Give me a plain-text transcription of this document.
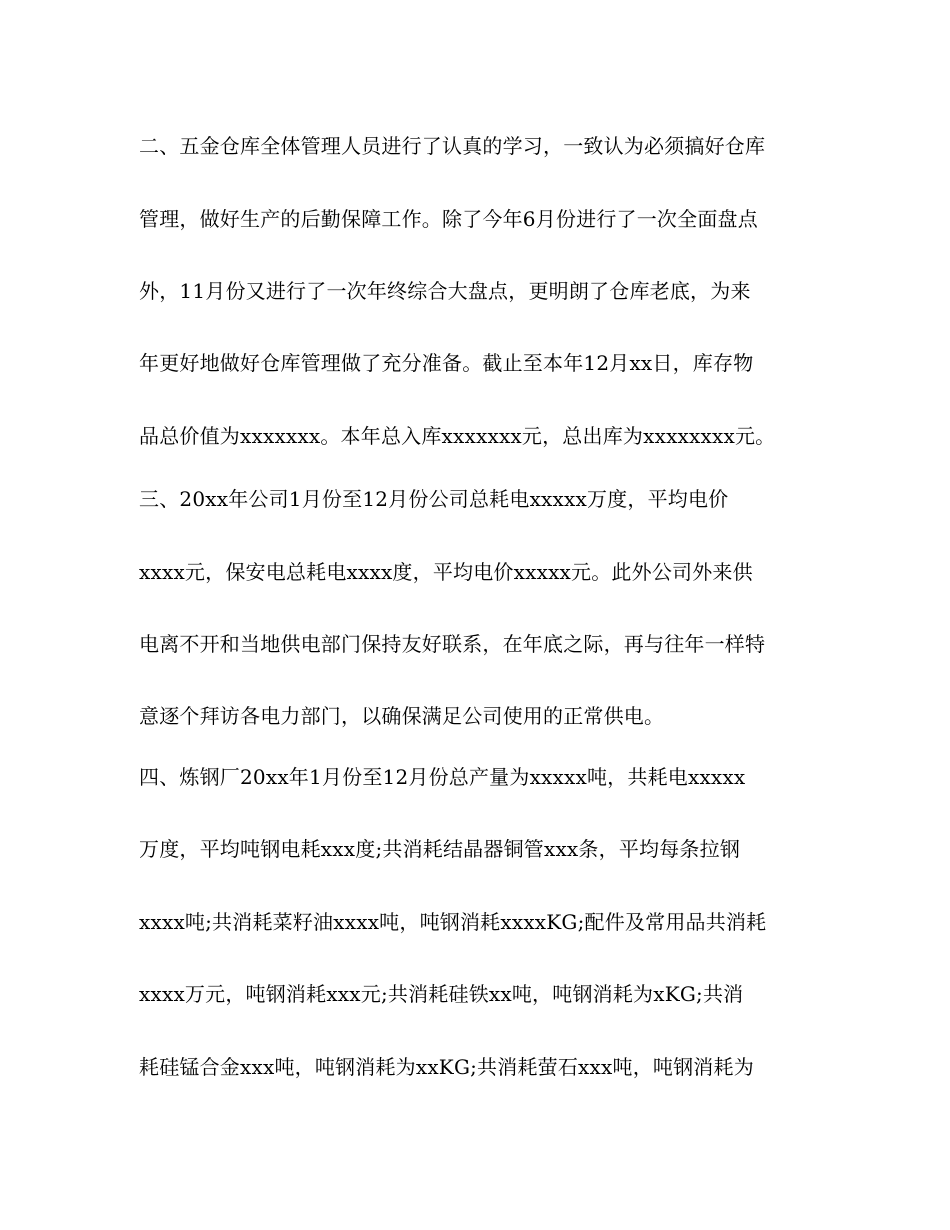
二、五金仓库全体管理人员进行了认真的学习，一致认为必须搞好仓库
管理，做好生产的后勤保障工作。除了今年6月份进行了一次全面盘点
外，11月份又进行了一次年终综合大盘点，更明朗了仓库老底，为来
年更好地做好仓库管理做了充分准备。截止至本年12月xx日，库存物
品总价值为xxxxxxx。本年总入库xxxxxxx元，总出库为xxxxxxxx元。
三、20xx年公司1月份至12月份公司总耗电xxxxx万度，平均电价
xxxx元，保安电总耗电xxxx度，平均电价xxxxx元。此外公司外来供
电离不开和当地供电部门保持友好联系，在年底之际，再与往年一样特
意逐个拜访各电力部门，以确保满足公司使用的正常供电。
四、炼钢厂20xx年1月份至12月份总产量为xxxxx吨，共耗电xxxxx
万度，平均吨钢电耗xxx度;共消耗结晶器铜管xxx条，平均每条拉钢
xxxx吨;共消耗菜籽油xxxx吨，吨钢消耗xxxxKG;配件及常用品共消耗
xxxx万元，吨钢消耗xxx元;共消耗硅铁xx吨，吨钢消耗为xKG;共消
耗硅锰合金xxx吨，吨钢消耗为xxKG;共消耗萤石xxx吨，吨钢消耗为
